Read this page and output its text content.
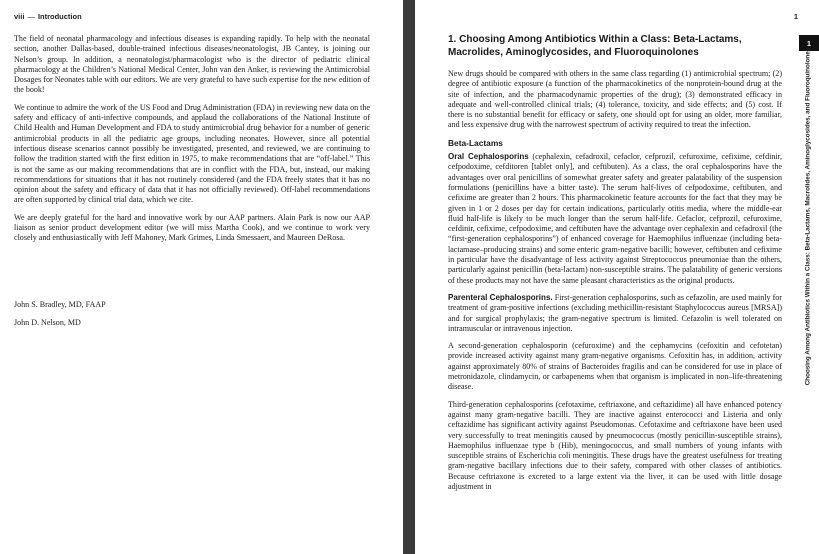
viii — Introduction

The field of neonatal pharmacology and infectious diseases is expanding rapidly. To help with the neonatal section, another Dallas-based, double-trained infectious diseases/neonatologist, JB Cantey, is joining our Nelson’s group. In addition, a neonatologist/pharmacologist who is the director of pediatric clinical pharmacology at the Children’s National Medical Center, John van den Anker, is reviewing the Antimicrobial Dosages for Neonates table with our editors. We are very grateful to have such expertise for the new edition of the book!

We continue to admire the work of the US Food and Drug Administration (FDA) in reviewing new data on the safety and efficacy of anti-infective compounds, and applaud the collaborations of the National Institute of Child Health and Human Development and FDA to study antimicrobial drug behavior for a number of generic antimicrobial products in all the pediatric age groups, including neonates. However, since all potential infectious disease scenarios cannot possibly be investigated, presented, and reviewed, we are continuing to follow the tradition started with the first edition in 1975, to make recommendations that are “off-label.” This is not the same as our making recommendations that are in conflict with the FDA, but, instead, our making recommendations for situations that it has not routinely considered (and the FDA freely states that it has no opinion about the safety and efficacy of data that it has not officially reviewed). Off-label recommendations are often supported by clinical trial data, which we cite.

We are deeply grateful for the hard and innovative work by our AAP partners. Alain Park is now our AAP liaison as senior product development editor (we will miss Martha Cook), and we continue to work very closely and enthusiastically with Jeff Mahoney, Mark Grimes, Linda Smessaert, and Maureen DeRosa.

John S. Bradley, MD, FAAP

John D. Nelson, MD

1
1. Choosing Among Antibiotics Within a Class: Beta-Lactams, Macrolides, Aminoglycosides, and Fluoroquinolones

New drugs should be compared with others in the same class regarding (1) antimicrobial spectrum; (2) degree of antibiotic exposure (a function of the pharmacokinetics of the nonprotein-bound drug at the site of infection, and the pharmacodynamic properties of the drug); (3) demonstrated efficacy in adequate and well-controlled clinical trials; (4) tolerance, toxicity, and side effects; and (5) cost. If there is no substantial benefit for efficacy or safety, one should opt for using an older, more familiar, and less expensive drug with the narrowest spectrum of activity required to treat the infection.

Beta-Lactams

Oral Cephalosporins (cephalexin, cefadroxil, cefaclor, cefprozil, cefuroxime, cefixime, cefdinir, cefpodoxime, cefditoren [tablet only], and ceftibuten). As a class, the oral cephalosporins have the advantages over oral penicillins of somewhat greater safety and greater palatability of the suspension formulations (penicillins have a bitter taste). The serum half-lives of cefpodoxime, ceftibuten, and cefixime are greater than 2 hours. This pharmacokinetic feature accounts for the fact that they may be given in 1 or 2 doses per day for certain indications, particularly otitis media, where the middle-ear fluid half-life is likely to be much longer than the serum half-life. Cefaclor, cefprozil, cefuroxime, cefdinir, cefixime, cefpodoxime, and ceftibuten have the advantage over cephalexin and cefadroxil (the “first-generation cephalosporins”) of enhanced coverage for Haemophilus influenzae (including beta-lactamase–producing strains) and some enteric gram-negative bacilli; however, ceftibuten and cefixime in particular have the disadvantage of less activity against Streptococcus pneumoniae than the others, particularly against penicillin (beta-lactam) non-susceptible strains. The palatability of generic versions of these products may not have the same pleasant characteristics as the original products.

Parenteral Cephalosporins. First-generation cephalosporins, such as cefazolin, are used mainly for treatment of gram-positive infections (excluding methicillin-resistant Staphylococcus aureus [MRSA]) and for surgical prophylaxis; the gram-negative spectrum is limited. Cefazolin is well tolerated on intramuscular or intravenous injection.

A second-generation cephalosporin (cefuroxime) and the cephamycins (cefoxitin and cefotetan) provide increased activity against many gram-negative organisms. Cefoxitin has, in addition, activity against approximately 80% of strains of Bacteroides fragilis and can be considered for use in place of metronidazole, clindamycin, or carbapenems when that organism is implicated in non–life-threatening disease.

Third-generation cephalosporins (cefotaxime, ceftriaxone, and ceftazidime) all have enhanced potency against many gram-negative bacilli. They are inactive against enterococci and Listeria and only ceftazidime has significant activity against Pseudomonas. Cefotaxime and ceftriaxone have been used very successfully to treat meningitis caused by pneumococcus (mostly penicillin-susceptible strains), Haemophilus influenzae type b (Hib), meningococcus, and small numbers of young infants with susceptible strains of Escherichia coli meningitis. These drugs have the greatest usefulness for treating gram-negative bacillary infections due to their safety, compared with other classes of antibiotics. Because ceftriaxone is excreted to a large extent via the liver, it can be used with little dosage adjustment in

1
Choosing Among Antibiotics Within a Class: Beta-Lactams, Macrolides, Aminoglycosides, and Fluoroquinolones
